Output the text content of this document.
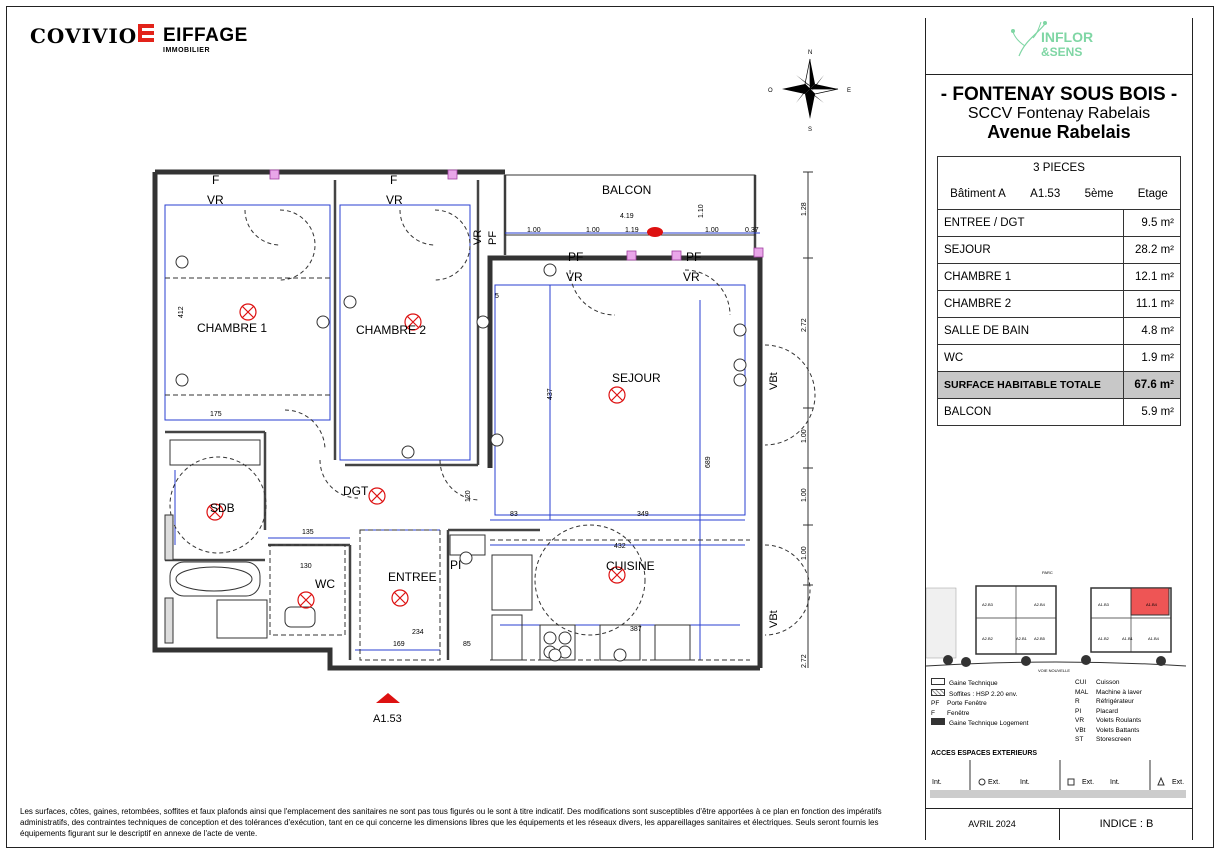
COVIVIO EIFFAGE
IMMOBILIER	N
S
O	E
CHAMBRE 1	CHAMBRE 2
SEJOUR
SDB
DGT
WC	ENTREE
CUISINE
BALCON
VR
F
VR
F
VR
PF
VR
PF
PI
VR PF
VBt
VBt
4.19
1.00	1.00	1.19	1.00	0.37
175
135
130
169	85
234
349
83
432
387
5
412
437
689
120
1.10	1.28
2.72
1.00
1.00
1.00
2.72
A1.53
INFLOR
&SENS
- FONTENAY SOUS BOIS -
SCCV Fontenay Rabelais
Avenue Rabelais
3 PIECES	

Bâtiment A A1.53 5ème Etage	

ENTREE / DGT	9.5 m²
SEJOUR	28.2 m²
CHAMBRE 1	12.1 m²
CHAMBRE 2	11.1 m²
SALLE DE BAIN	4.8 m²
WC	1.9 m²
SURFACE HABITABLE TOTALE	67.6 m²
BALCON	5.9 m²
PARC
A2.B3	A2.B4
A2.B2	A2.B1 A2.B5
A1.B3	A1.B4
A1.B2	A1.B1	A1.B4
VOIE NOUVELLE
Gaine Technique
Soffites : HSP 2.20 env.
PF Porte Fenêtre
F Fenêtre
Gaine Technique Logement
CUI Cuisson
MAL Machine à laver
R	Réfrigérateur
PI Placard
VR Volets Roulants
VBt Volets Battants
ST Storescreen
ACCES ESPACES EXTERIEURS
Int.	Ext.	Int.	Ext. Int.	Ext.
AVRIL 2024	INDICE : B
Les surfaces, côtes, gaines, retombées, soffites et faux plafonds ainsi que l'emplacement des sanitaires ne sont pas tous figurés ou le sont à titre indicatif. Des modifications sont susceptibles d'être apportées à ce plan en fonction des impératifs administratifs, des contraintes techniques de conception et des tolérances d'exécution, tant en ce qui concerne les dimensions libres que les équipements et les réseaux divers, les appareillages sanitaires et électriques. Seuls seront fournis les équipements figurant sur le descriptif en annexe de l'acte de vente.
